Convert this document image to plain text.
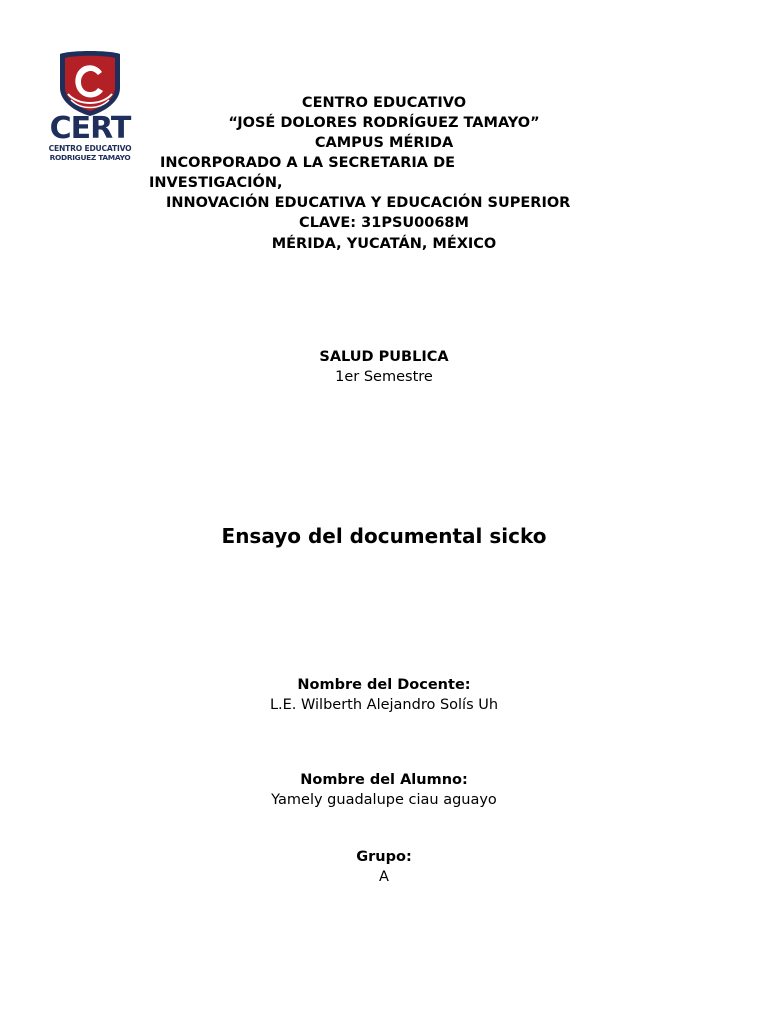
CERT
CENTRO EDUCATIVO
RODRIGUEZ TAMAYO
CENTRO EDUCATIVO
“JOSÉ DOLORES RODRÍGUEZ TAMAYO”
CAMPUS MÉRIDA
INCORPORADO A LA SECRETARIA DE
INVESTIGACIÓN,
INNOVACIÓN EDUCATIVA Y EDUCACIÓN SUPERIOR
CLAVE: 31PSU0068M
MÉRIDA, YUCATÁN, MÉXICO
SALUD PUBLICA
1er Semestre
Ensayo del documental sicko
Nombre del Docente:
L.E. Wilberth Alejandro Solís Uh
Nombre del Alumno:
Yamely guadalupe ciau aguayo
Grupo:
A
